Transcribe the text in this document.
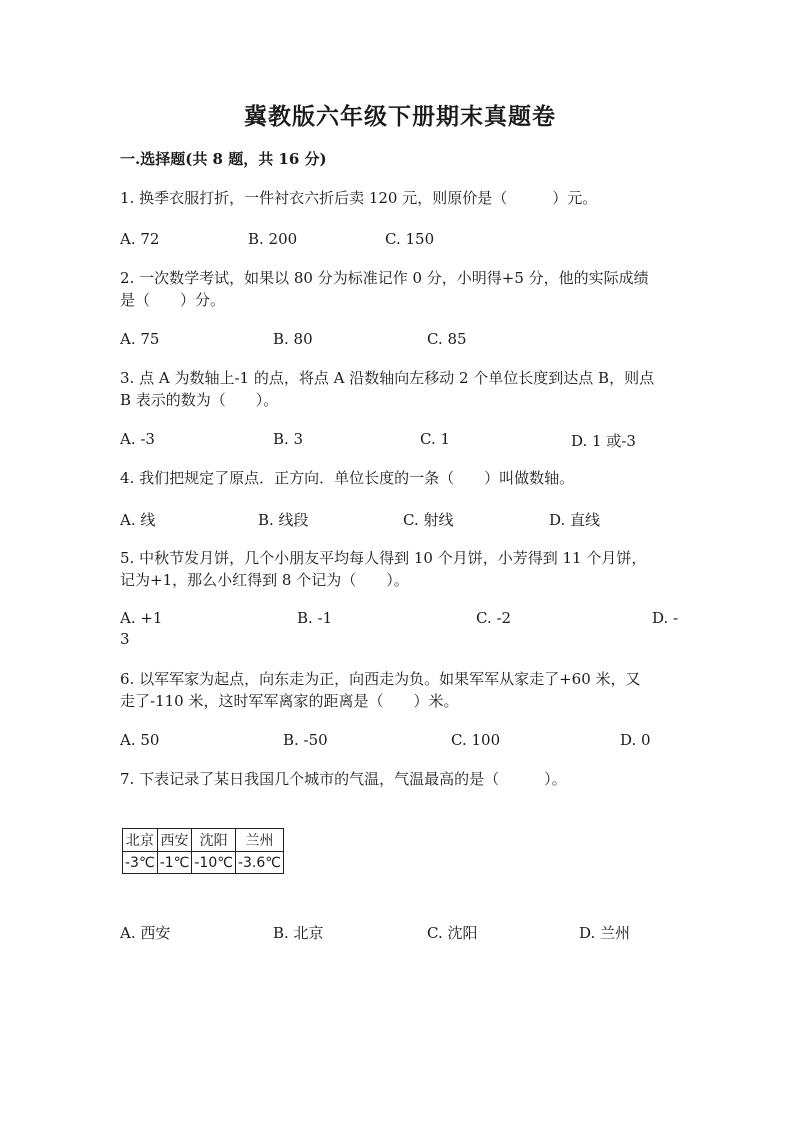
冀教版六年级下册期末真题卷
一.选择题(共 8 题，共 16 分)
1. 换季衣服打折，一件衬衣六折后卖 120 元，则原价是（　　　）元。
A. 72	B. 200	C. 150
2. 一次数学考试，如果以 80 分为标准记作 0 分，小明得+5 分，他的实际成绩
是（　　）分。
A. 75	B. 80	C. 85
3. 点 A 为数轴上-1 的点，将点 A 沿数轴向左移动 2 个单位长度到达点 B，则点
B 表示的数为（　　）。
A. -3	B. 3	C. 1	D. 1 或-3
4. 我们把规定了原点．正方向．单位长度的一条（　　）叫做数轴。
A. 线	B. 线段	C. 射线	D. 直线
5. 中秋节发月饼，几个小朋友平均每人得到 10 个月饼，小芳得到 11 个月饼，
记为+1，那么小红得到 8 个记为（　　）。
A. +1	B. -1	C. -2	D. -
3
6. 以军军家为起点，向东走为正，向西走为负。如果军军从家走了+60 米，又
走了-110 米，这时军军离家的距离是（　　）米。
A. 50	B. -50	C. 100	D. 0
7. 下表记录了某日我国几个城市的气温，气温最高的是（　　　）。
北京	西安	沈阳	兰州
-3℃	-1℃	-10℃	-3.6℃
A. 西安	B. 北京	C. 沈阳	D. 兰州
